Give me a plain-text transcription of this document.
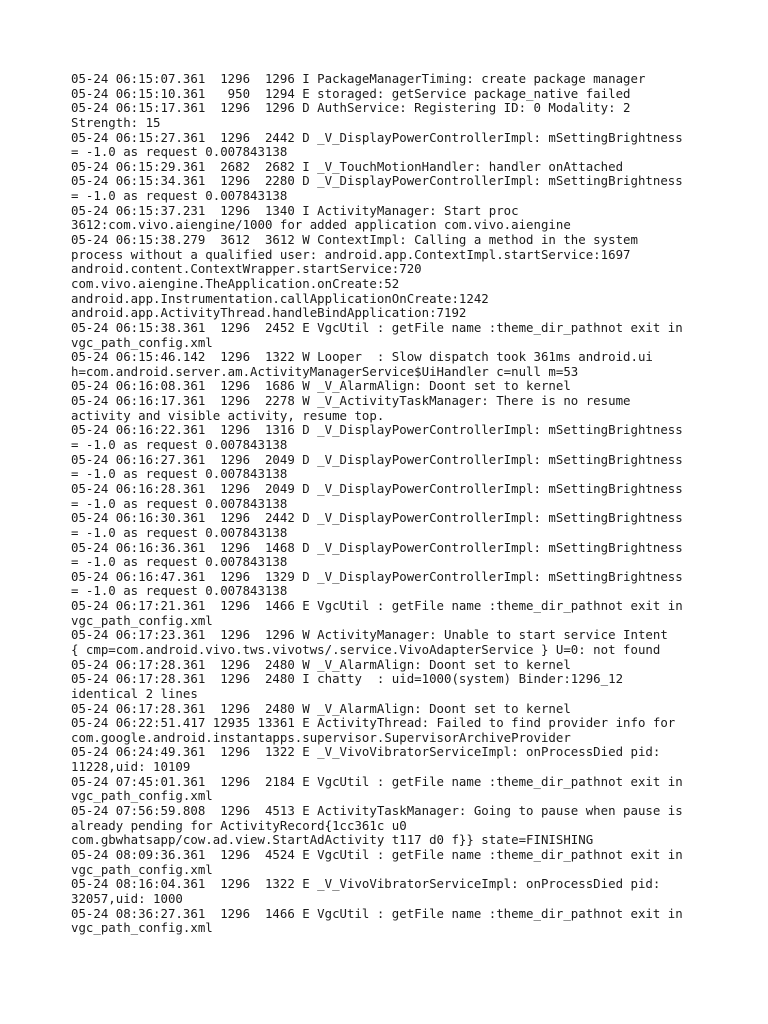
05-24 06:15:07.361  1296  1296 I PackageManagerTiming: create package manager
05-24 06:15:10.361   950  1294 E storaged: getService package_native failed
05-24 06:15:17.361  1296  1296 D AuthService: Registering ID: 0 Modality: 2
Strength: 15
05-24 06:15:27.361  1296  2442 D _V_DisplayPowerControllerImpl: mSettingBrightness
= -1.0 as request 0.007843138
05-24 06:15:29.361  2682  2682 I _V_TouchMotionHandler: handler onAttached
05-24 06:15:34.361  1296  2280 D _V_DisplayPowerControllerImpl: mSettingBrightness
= -1.0 as request 0.007843138
05-24 06:15:37.231  1296  1340 I ActivityManager: Start proc
3612:com.vivo.aiengine/1000 for added application com.vivo.aiengine
05-24 06:15:38.279  3612  3612 W ContextImpl: Calling a method in the system
process without a qualified user: android.app.ContextImpl.startService:1697
android.content.ContextWrapper.startService:720
com.vivo.aiengine.TheApplication.onCreate:52
android.app.Instrumentation.callApplicationOnCreate:1242
android.app.ActivityThread.handleBindApplication:7192
05-24 06:15:38.361  1296  2452 E VgcUtil : getFile name :theme_dir_pathnot exit in
vgc_path_config.xml
05-24 06:15:46.142  1296  1322 W Looper  : Slow dispatch took 361ms android.ui
h=com.android.server.am.ActivityManagerService$UiHandler c=null m=53
05-24 06:16:08.361  1296  1686 W _V_AlarmAlign: Doont set to kernel
05-24 06:16:17.361  1296  2278 W _V_ActivityTaskManager: There is no resume
activity and visible activity, resume top.
05-24 06:16:22.361  1296  1316 D _V_DisplayPowerControllerImpl: mSettingBrightness
= -1.0 as request 0.007843138
05-24 06:16:27.361  1296  2049 D _V_DisplayPowerControllerImpl: mSettingBrightness
= -1.0 as request 0.007843138
05-24 06:16:28.361  1296  2049 D _V_DisplayPowerControllerImpl: mSettingBrightness
= -1.0 as request 0.007843138
05-24 06:16:30.361  1296  2442 D _V_DisplayPowerControllerImpl: mSettingBrightness
= -1.0 as request 0.007843138
05-24 06:16:36.361  1296  1468 D _V_DisplayPowerControllerImpl: mSettingBrightness
= -1.0 as request 0.007843138
05-24 06:16:47.361  1296  1329 D _V_DisplayPowerControllerImpl: mSettingBrightness
= -1.0 as request 0.007843138
05-24 06:17:21.361  1296  1466 E VgcUtil : getFile name :theme_dir_pathnot exit in
vgc_path_config.xml
05-24 06:17:23.361  1296  1296 W ActivityManager: Unable to start service Intent
{ cmp=com.android.vivo.tws.vivotws/.service.VivoAdapterService } U=0: not found
05-24 06:17:28.361  1296  2480 W _V_AlarmAlign: Doont set to kernel
05-24 06:17:28.361  1296  2480 I chatty  : uid=1000(system) Binder:1296_12
identical 2 lines
05-24 06:17:28.361  1296  2480 W _V_AlarmAlign: Doont set to kernel
05-24 06:22:51.417 12935 13361 E ActivityThread: Failed to find provider info for
com.google.android.instantapps.supervisor.SupervisorArchiveProvider
05-24 06:24:49.361  1296  1322 E _V_VivoVibratorServiceImpl: onProcessDied pid:
11228,uid: 10109
05-24 07:45:01.361  1296  2184 E VgcUtil : getFile name :theme_dir_pathnot exit in
vgc_path_config.xml
05-24 07:56:59.808  1296  4513 E ActivityTaskManager: Going to pause when pause is
already pending for ActivityRecord{1cc361c u0
com.gbwhatsapp/cow.ad.view.StartAdActivity t117 d0 f}} state=FINISHING
05-24 08:09:36.361  1296  4524 E VgcUtil : getFile name :theme_dir_pathnot exit in
vgc_path_config.xml
05-24 08:16:04.361  1296  1322 E _V_VivoVibratorServiceImpl: onProcessDied pid:
32057,uid: 1000
05-24 08:36:27.361  1296  1466 E VgcUtil : getFile name :theme_dir_pathnot exit in
vgc_path_config.xml
